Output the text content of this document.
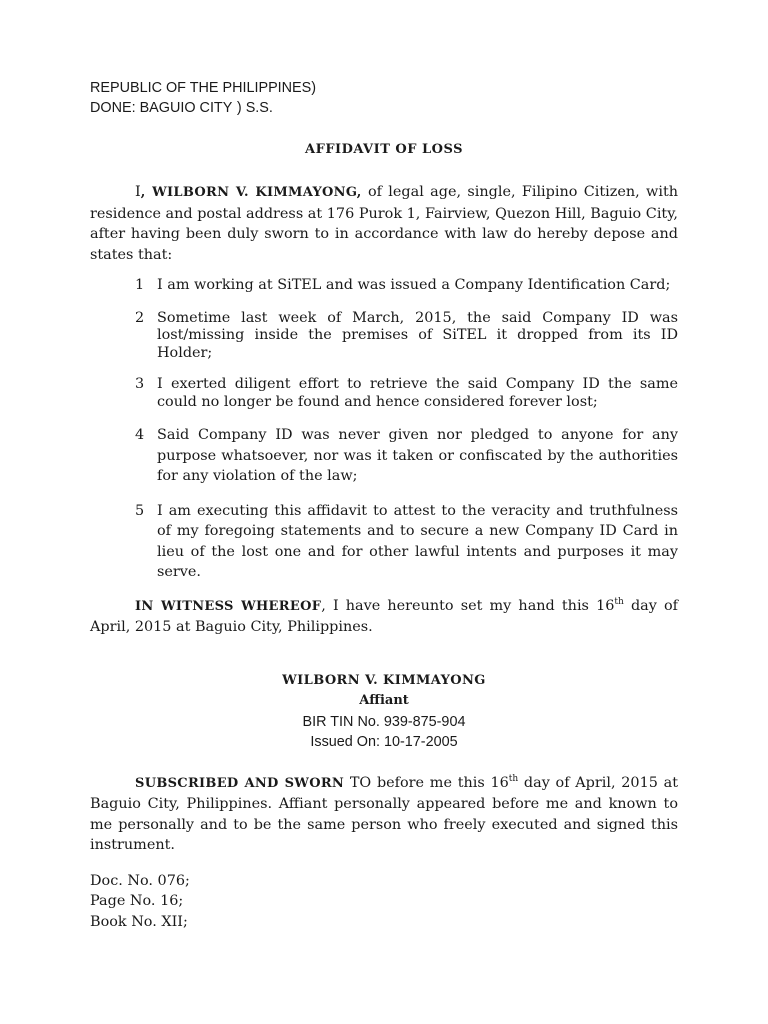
REPUBLIC OF THE PHILIPPINES)
DONE: BAGUIO CITY ) S.S.
AFFIDAVIT OF LOSS

I, WILBORN V. KIMMAYONG, of legal age, single, Filipino Citizen, with residence and postal address at 176 Purok 1, Fairview, Quezon Hill, Baguio City, after having been duly sworn to in accordance with law do hereby depose and states that:

1 I am working at SiTEL and was issued a Company Identification Card;
2 Sometime last week of March, 2015, the said Company ID was lost/missing inside the premises of SiTEL it dropped from its ID Holder;
3 I exerted diligent effort to retrieve the said Company ID the same could no longer be found and hence considered forever lost;
4 Said Company ID was never given nor pledged to anyone for any purpose whatsoever, nor was it taken or confiscated by the authorities for any violation of the law;
5 I am executing this affidavit to attest to the veracity and truthfulness of my foregoing statements and to secure a new Company ID Card in lieu of the lost one and for other lawful intents and purposes it may serve.

IN WITNESS WHEREOF, I have hereunto set my hand this 16th day of April, 2015 at Baguio City, Philippines.

WILBORN V. KIMMAYONG
Affiant
BIR TIN No. 939-875-904
Issued On: 10-17-2005

SUBSCRIBED AND SWORN TO before me this 16th day of April, 2015 at Baguio City, Philippines. Affiant personally appeared before me and known to me personally and to be the same person who freely executed and signed this instrument.

Doc. No. 076;
Page No. 16;
Book No. XII;
